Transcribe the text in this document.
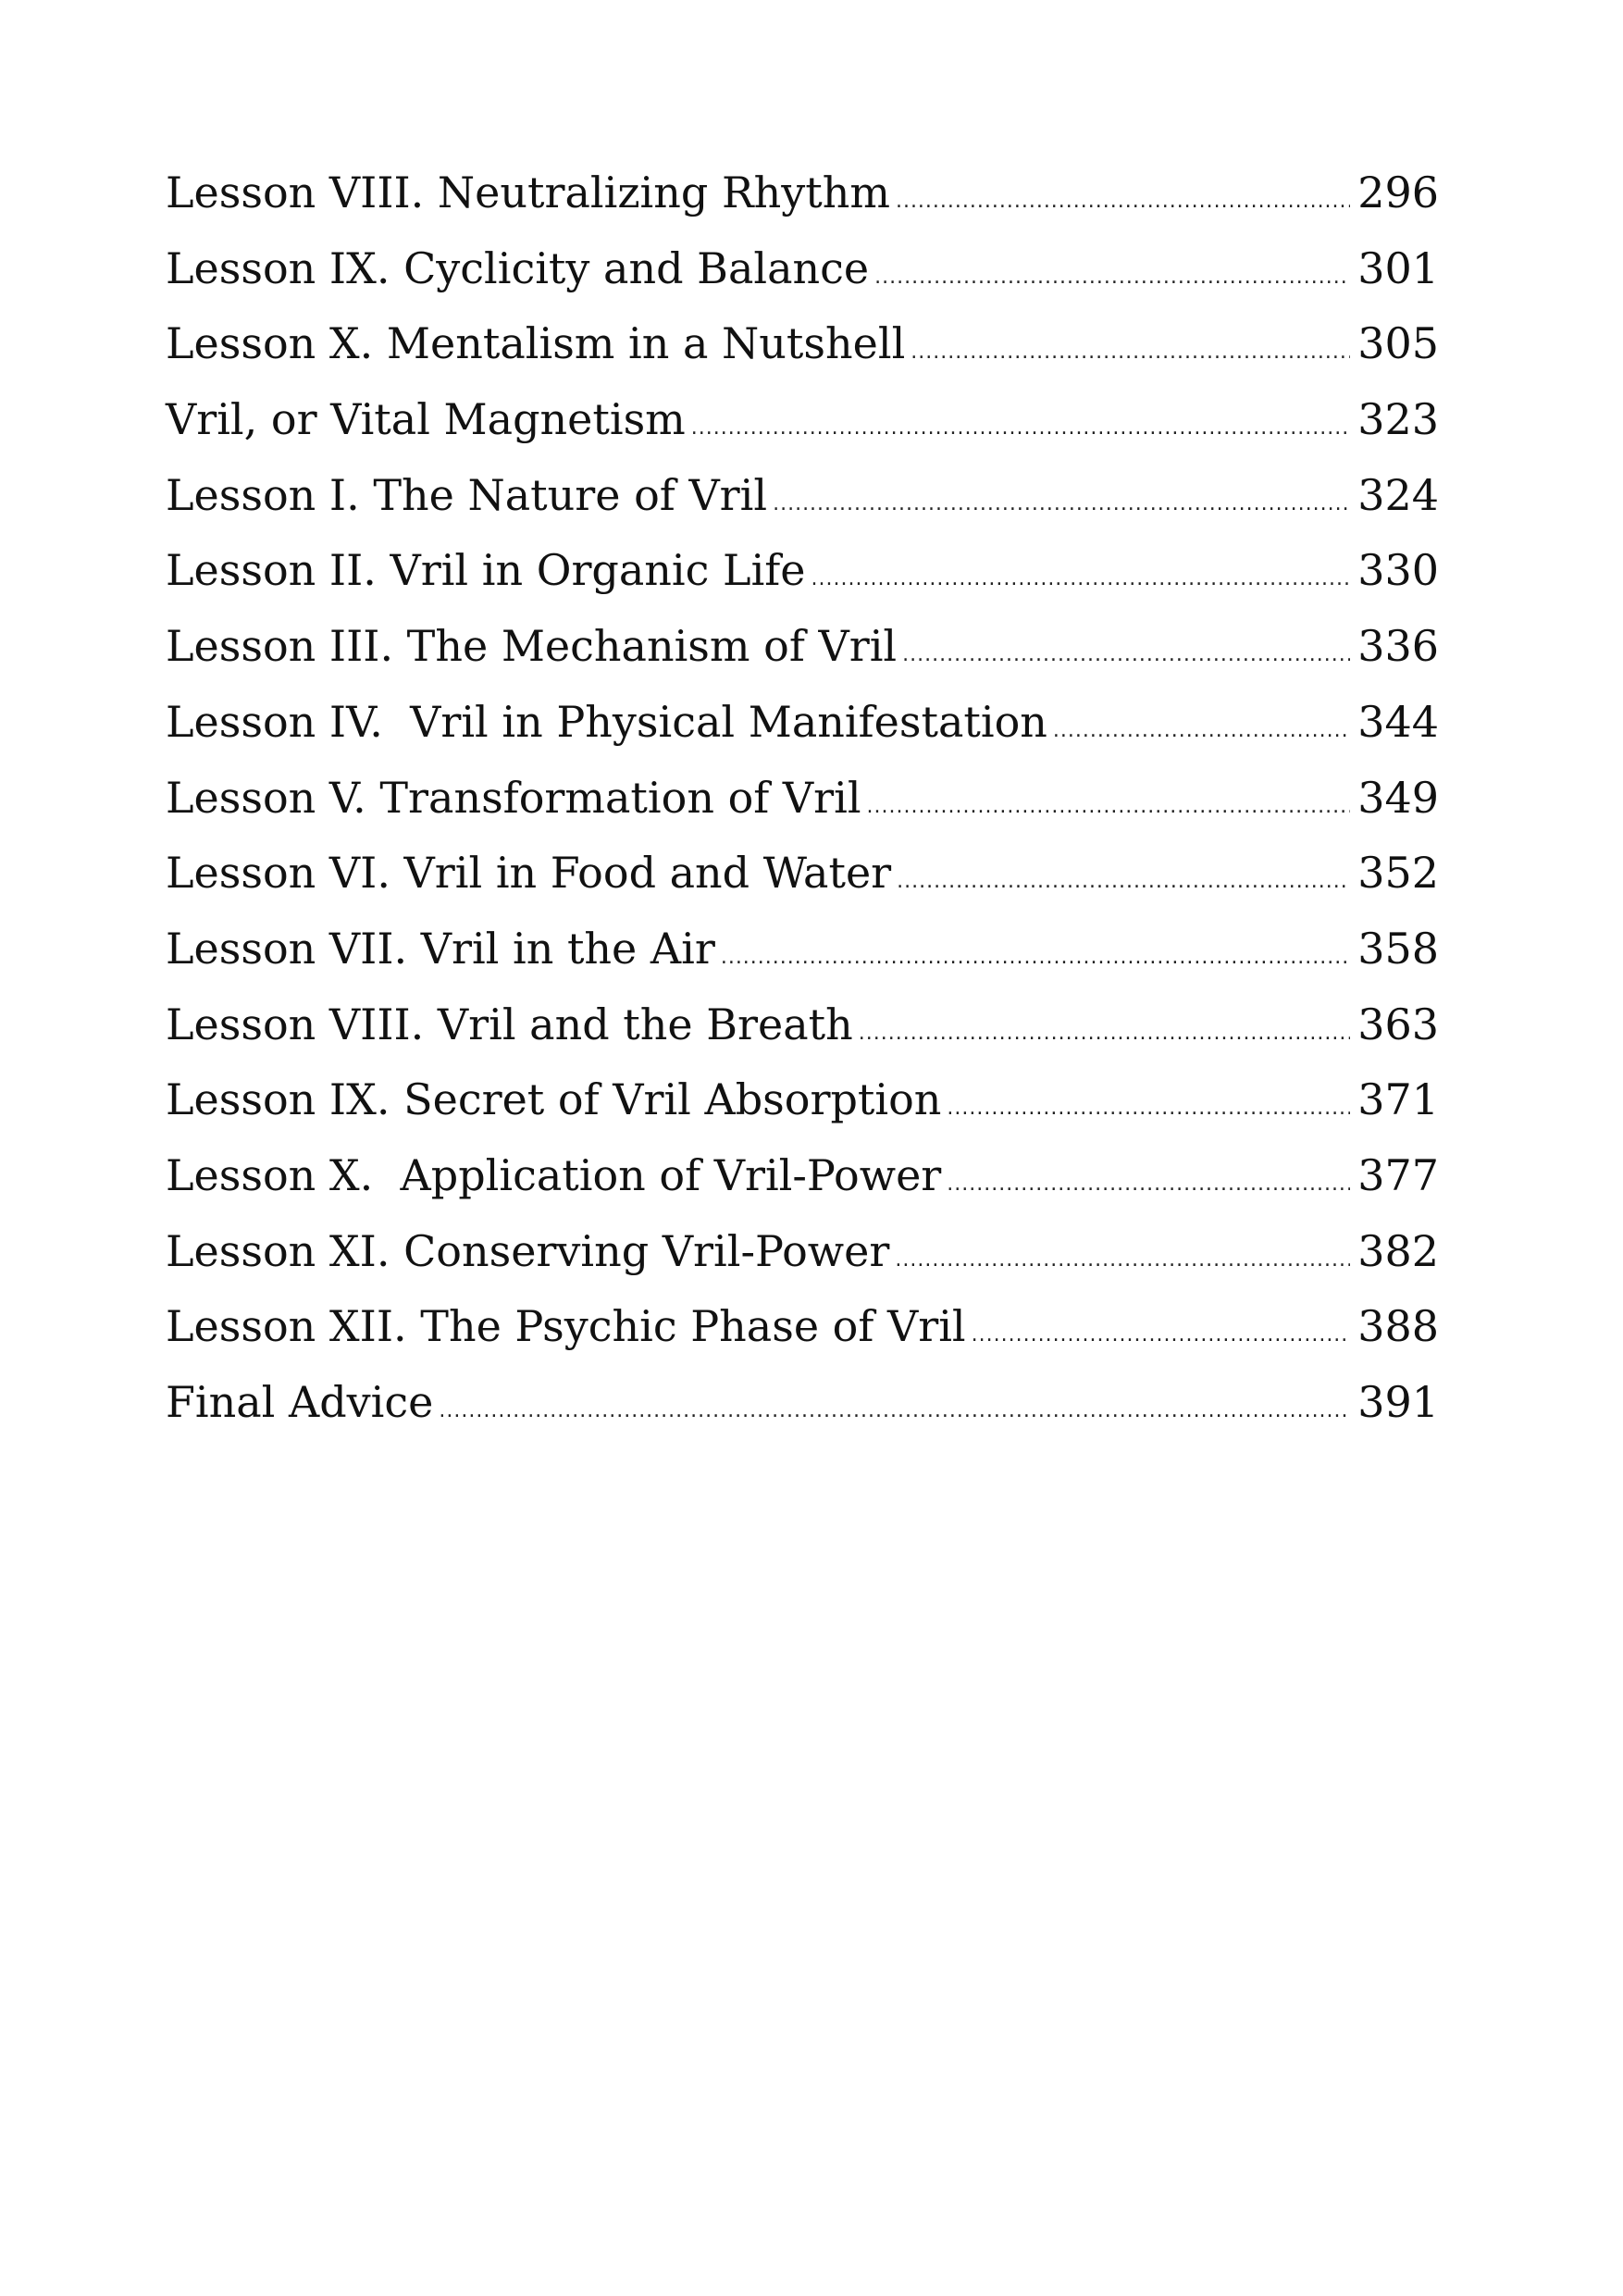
Lesson VIII. Neutralizing Rhythm .....	296
Lesson IX. Cyclicity and Balance .....	301
Lesson X. Mentalism in a Nutshell .....	305
Vril, or Vital Magnetism .....	323
Lesson I. The Nature of Vril .....	324
Lesson II. Vril in Organic Life .....	330
Lesson III. The Mechanism of Vril .....	336
Lesson IV.  Vril in Physical Manifestation .....	344
Lesson V. Transformation of Vril .....	349
Lesson VI. Vril in Food and Water .....	352
Lesson VII. Vril in the Air .....	358
Lesson VIII. Vril and the Breath .....	363
Lesson IX. Secret of Vril Absorption .....	371
Lesson X.  Application of Vril-Power .....	377
Lesson XI. Conserving Vril-Power .....	382
Lesson XII. The Psychic Phase of Vril .....	388
Final Advice .....	391
